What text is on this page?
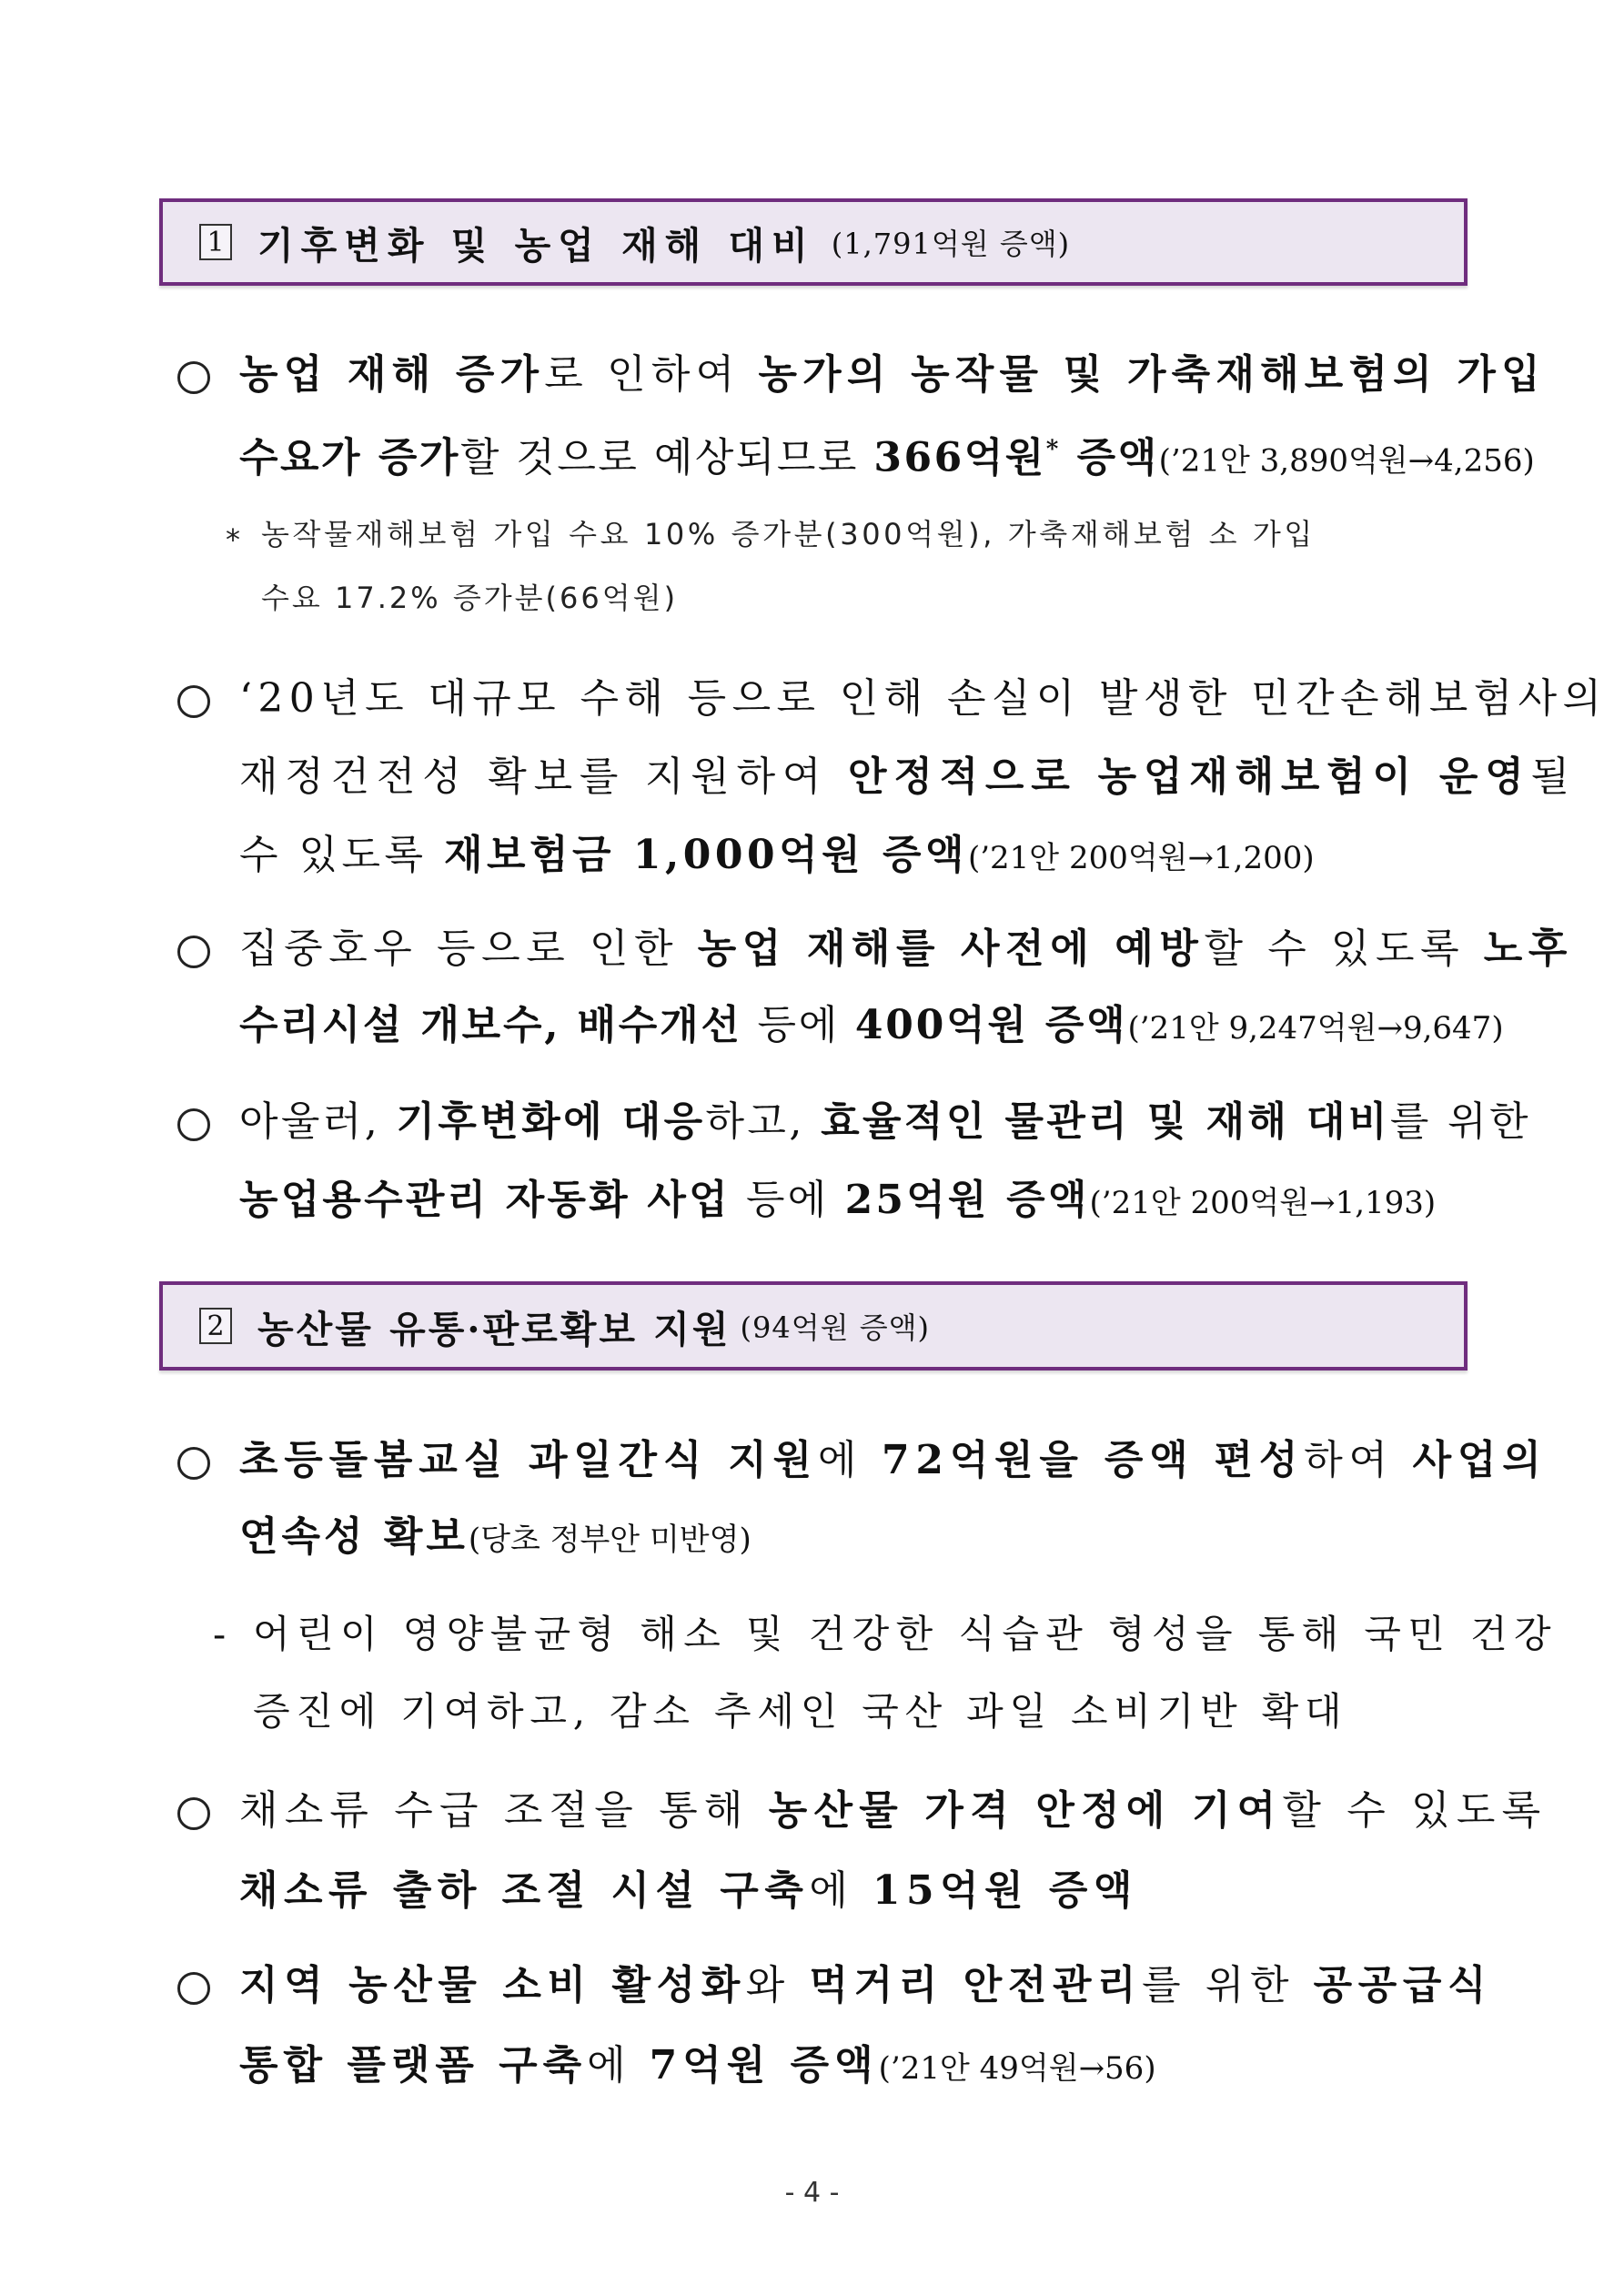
1 기후변화 및 농업 재해 대비 (1,791억원 증액)
농업 재해 증가로 인하여 농가의 농작물 및 가축재해보험의 가입
수요가 증가할 것으로 예상되므로 366억원* 증액(’21안 3,890억원→4,256)
* 농작물재해보험 가입 수요 10% 증가분(300억원), 가축재해보험 소 가입
수요 17.2% 증가분(66억원)
‘20년도 대규모 수해 등으로 인해 손실이 발생한 민간손해보험사의
재정건전성 확보를 지원하여 안정적으로 농업재해보험이 운영될
수 있도록 재보험금 1,000억원 증액(’21안 200억원→1,200)
집중호우 등으로 인한 농업 재해를 사전에 예방할 수 있도록 노후
수리시설 개보수, 배수개선 등에 400억원 증액(’21안 9,247억원→9,647)
아울러, 기후변화에 대응하고, 효율적인 물관리 및 재해 대비를 위한
농업용수관리 자동화 사업 등에 25억원 증액(’21안 200억원→1,193)
2 농산물 유통·판로확보 지원 (94억원 증액)
초등돌봄교실 과일간식 지원에 72억원을 증액 편성하여 사업의
연속성 확보(당초 정부안 미반영)
- 어린이 영양불균형 해소 및 건강한 식습관 형성을 통해 국민 건강
증진에 기여하고, 감소 추세인 국산 과일 소비기반 확대
채소류 수급 조절을 통해 농산물 가격 안정에 기여할 수 있도록
채소류 출하 조절 시설 구축에 15억원 증액
지역 농산물 소비 활성화와 먹거리 안전관리를 위한 공공급식
통합 플랫폼 구축에 7억원 증액(’21안 49억원→56)
- 4 -
